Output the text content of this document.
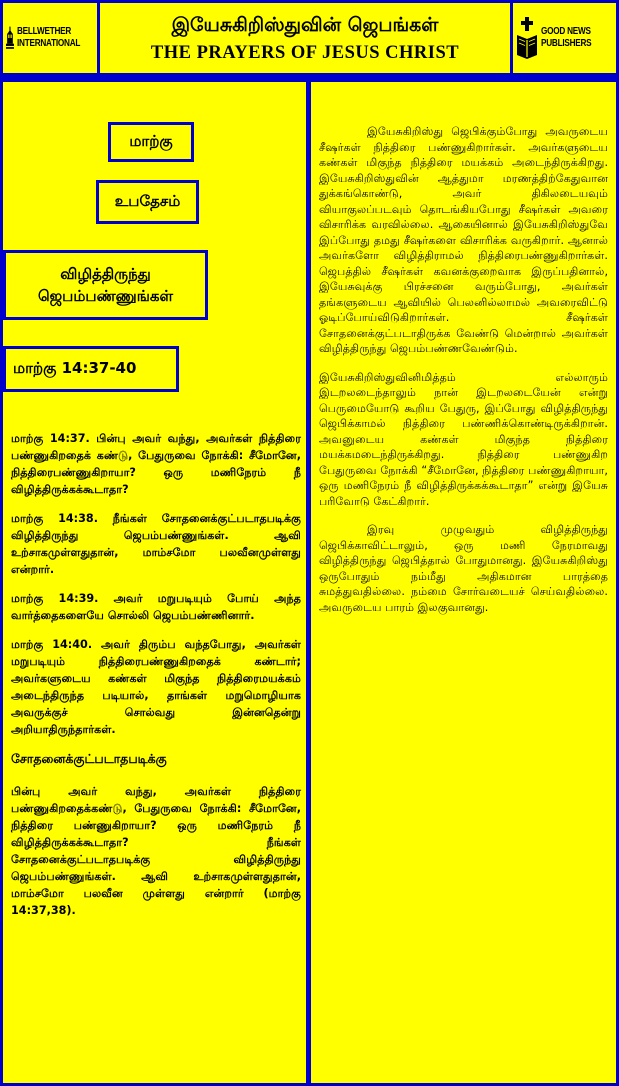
BELLWETHER
INTERNATIONAL
இயேசுகிறிஸ்துவின் ஜெபங்கள்
THE PRAYERS OF JESUS CHRIST
GOOD NEWS
PUBLISHERS
மாற்கு
உபதேசம்
விழித்திருந்து
ஜெபம்பண்ணுங்கள்
மாற்கு 14:37-40

மாற்கு 14:37. பின்பு அவர் வந்து, அவர்கள் நித்திரை பண்ணுகிறதைக் கண்டு, பேதுருவை நோக்கி: சீமோனே, நித்திரைபண்ணுகிறாயா? ஒரு மணிநேரம் நீ விழித்திருக்கக்கூடாதா?

மாற்கு 14:38. நீங்கள் சோதனைக்குட்படாதபடிக்கு விழித்திருந்து ஜெபம்பண்ணுங்கள். ஆவி உற்சாகமுள்ளதுதான், மாம்சமோ பலவீனமுள்ளது என்றார்.

மாற்கு 14:39. அவர் மறுபடியும் போய் அந்த வார்த்தைகளையே சொல்லி ஜெபம்பண்ணினார்.

மாற்கு 14:40. அவர் திரும்ப வந்தபோது, அவர்கள் மறுபடியும் நித்திரைபண்ணுகிறதைக் கண்டார்; அவர்களுடைய கண்கள் மிகுந்த நித்திரைமயக்கம் அடைந்திருந்த படியால், தாங்கள் மறுமொழியாக அவருக்குச் சொல்வது இன்னதென்று அறியாதிருந்தார்கள்.

சோதனைக்குட்படாதபடிக்கு

பின்பு அவர் வந்து, அவர்கள் நித்திரை பண்ணுகிறதைக்கண்டு, பேதுருவை நோக்கி: சீமோனே, நித்திரை பண்ணுகிறாயா? ஒரு மணிநேரம் நீ விழித்திருக்கக்கூடாதா? நீங்கள் சோதனைக்குட்படாதபடிக்கு விழித்திருந்து ஜெபம்பண்ணுங்கள். ஆவி உற்சாகமுள்ளதுதான், மாம்சமோ பலவீன முள்ளது என்றார் (மாற்கு 14:37,38).

இயேசுகிறிஸ்து ஜெபிக்கும்போது அவருடைய சீஷர்கள் நித்திரை பண்ணுகிறார்கள். அவர்களுடைய கண்கள் மிகுந்த நித்திரை மயக்கம் அடைந்திருக்கிறது. இயேசுகிறிஸ்துவின் ஆத்துமா மரணத்திற்கேதுவான துக்கங்கொண்டு, அவர் திகிலடையவும் வியாகுலப்படவும் தொடங்கியபோது சீஷர்கள் அவரை விசாரிக்க வரவில்லை. ஆகையினால் இயேசுகிறிஸ்துவே இப்போது தமது சீஷர்களை விசாரிக்க வருகிறார். ஆனால் அவர்களோ விழித்திராமல் நித்திரைபண்ணுகிறார்கள். ஜெபத்தில் சீஷர்கள் கவனக்குறைவாக இருப்பதினால், இயேசுவுக்கு பிரச்சனை வரும்போது, அவர்கள் தங்களுடைய ஆவியில் பெலனில்லாமல் அவரைவிட்டு ஓடிப்போய்விடுகிறார்கள். சீஷர்கள் சோதனைக்குட்படாதிருக்க வேண்டு மென்றால் அவர்கள் விழித்திருந்து ஜெபம்பண்ணவேண்டும்.

இயேசுகிறிஸ்துவினிமித்தம் எல்லாரும் இடறலடைந்தாலும் நான் இடறலடையேன் என்று பெருமையோடு கூறிய பேதுரு, இப்போது விழித்திருந்து ஜெபிக்காமல் நித்திரை பண்ணிக்கொண்டிருக்கிறான். அவனுடைய கண்கள் மிகுந்த நித்திரை மயக்கமடைந்திருக்கிறது. நித்திரை பண்ணுகிற பேதுருவை நோக்கி “சீமோனே, நித்திரை பண்ணுகிறாயா, ஒரு மணிநேரம் நீ விழித்திருக்கக்கூடாதா” என்று இயேசு பரிவோடு கேட்கிறார்.

இரவு முழுவதும் விழித்திருந்து ஜெபிக்காவிட்டாலும், ஒரு மணி நேரமாவது விழித்திருந்து ஜெபித்தால் போதுமானது. இயேசுகிறிஸ்து ஒருபோதும் நம்மீது அதிகமான பாரத்தை சுமத்துவதில்லை. நம்மை சோர்வடையச் செய்வதில்லை. அவருடைய பாரம் இலகுவானது.
